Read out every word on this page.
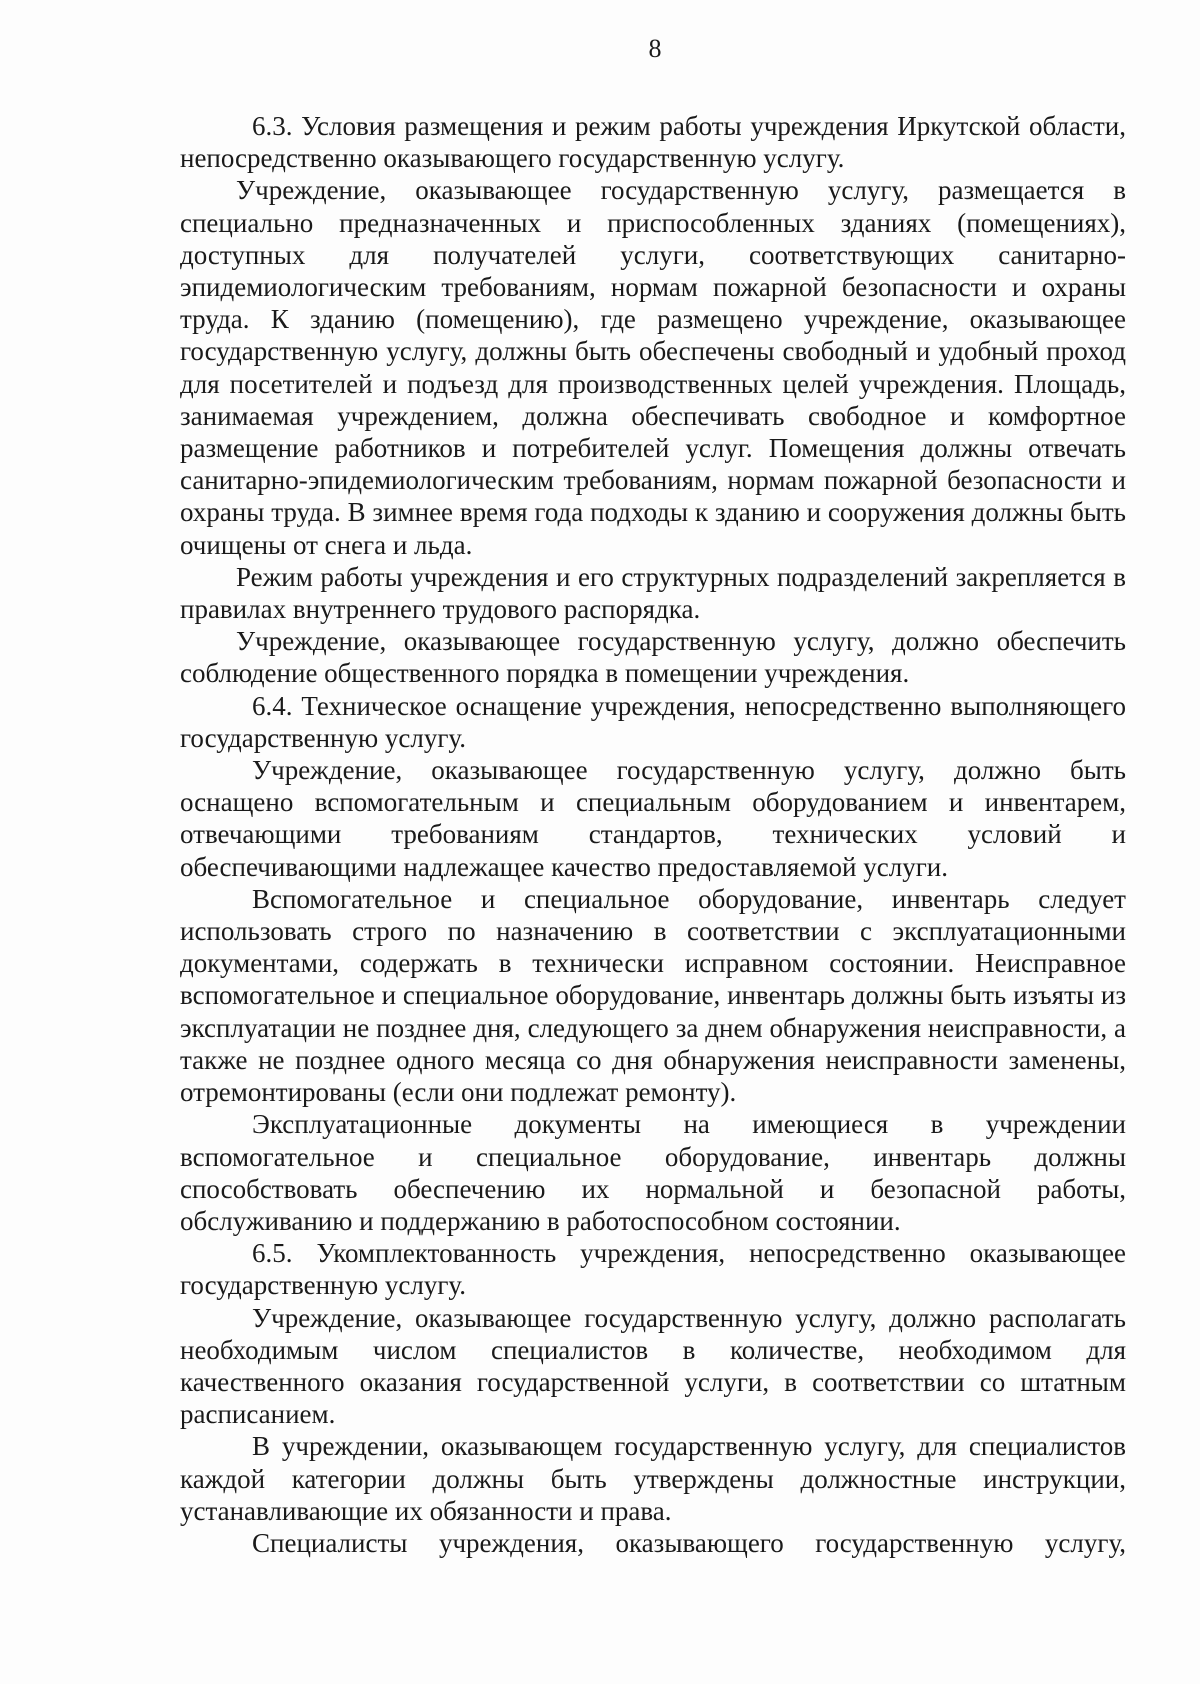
8

6.3. Условия размещения и режим работы учреждения Иркутской области, непосредственно оказывающего государственную услугу.

Учреждение, оказывающее государственную услугу, размещается в специально предназначенных и приспособленных зданиях (помещениях), доступных для получателей услуги, соответствующих санитарно-эпидемиологическим требованиям, нормам пожарной безопасности и охраны труда. К зданию (помещению), где размещено учреждение, оказывающее государственную услугу, должны быть обеспечены свободный и удобный проход для посетителей и подъезд для производственных целей учреждения. Площадь, занимаемая учреждением, должна обеспечивать свободное и комфортное размещение работников и потребителей услуг. Помещения должны отвечать санитарно-эпидемиологическим требованиям, нормам пожарной безопасности и охраны труда. В зимнее время года подходы к зданию и сооружения должны быть очищены от снега и льда.

Режим работы учреждения и его структурных подразделений закрепляется в правилах внутреннего трудового распорядка.

Учреждение, оказывающее государственную услугу, должно обеспечить соблюдение общественного порядка в помещении учреждения.

6.4. Техническое оснащение учреждения, непосредственно выполняющего государственную услугу.

Учреждение, оказывающее государственную услугу, должно быть оснащено вспомогательным и специальным оборудованием и инвентарем, отвечающими требованиям стандартов, технических условий и обеспечивающими надлежащее качество предоставляемой услуги.

Вспомогательное и специальное оборудование, инвентарь следует использовать строго по назначению в соответствии с эксплуатационными документами, содержать в технически исправном состоянии. Неисправное вспомогательное и специальное оборудование, инвентарь должны быть изъяты из эксплуатации не позднее дня, следующего за днем обнаружения неисправности, а также не позднее одного месяца со дня обнаружения неисправности заменены, отремонтированы (если они подлежат ремонту).

Эксплуатационные документы на имеющиеся в учреждении вспомогательное и специальное оборудование, инвентарь должны способствовать обеспечению их нормальной и безопасной работы, обслуживанию и поддержанию в работоспособном состоянии.

6.5. Укомплектованность учреждения, непосредственно оказывающее государственную услугу.

Учреждение, оказывающее государственную услугу, должно располагать необходимым числом специалистов в количестве, необходимом для качественного оказания государственной услуги, в соответствии со штатным расписанием.

В учреждении, оказывающем государственную услугу, для специалистов каждой категории должны быть утверждены должностные инструкции, устанавливающие их обязанности и права.

Специалисты учреждения, оказывающего государственную услугу,
